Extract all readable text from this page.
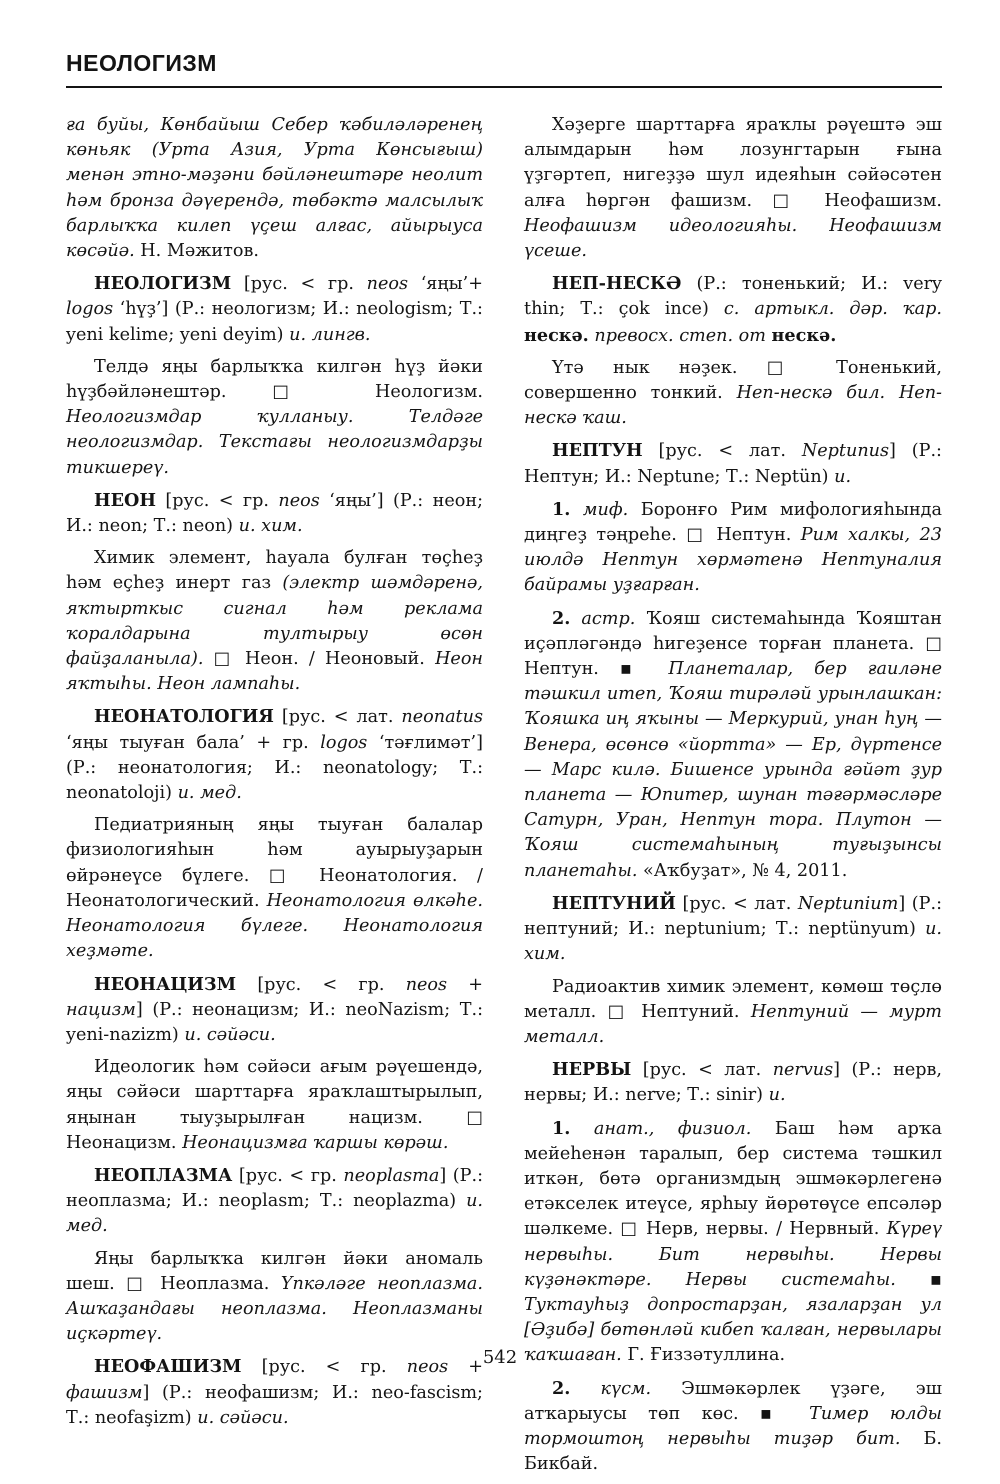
НЕОЛОГИЗМ

ға буйы, Көнбайыш Себер ҡәбиләләренең көньяк (Урта Азия, Урта Көнсығыш) менән этно-мәҙәни бәйләнештәре неолит һәм бронза дәүерендә, төбәктә малсылыҡ барлыҡҡа килеп үҫеш алғас, айырыуса көсәйә. Н. Мәжитов.

НЕОЛОГИЗМ [рус. < гр. neos ‘яңы’+ logos ‘һүҙ’] (Р.: неологизм; И.: neologism; Т.: yeni kelime; yeni deyim) и. лингв.

Телдә яңы барлыҡҡа килгән һүҙ йәки һүҙбәйләнештәр. □ Неологизм. Неологизмдар ҡулланыу. Телдәге неологизмдар. Текстағы неологизмдарҙы тикшереү.

НЕОН [рус. < гр. neos ‘яңы’] (Р.: неон; И.: neon; Т.: neon) и. хим.

Химик элемент, һауала булған төҫһеҙ һәм еҫһеҙ инерт газ (электр шәмдәренә, яҡтырткыс сигнал һәм реклама ҡоралдарына тултырыу өсөн файҙаланыла). □ Неон. / Неоновый. Неон яҡтыһы. Неон лампаһы.

НЕОНАТОЛОГИЯ [рус. < лат. neonatus ‘яңы тыуған бала’ + гр. logos ‘тәғлимәт’] (Р.: неонатология; И.: neonatology; Т.: neonatoloji) и. мед.

Педиатрияның яңы тыуған балалар физиологияһын һәм ауырыуҙарын өйрәнеүсе бүлеге. □ Неонатология. / Неонатологический. Неонатология өлкәһе. Неонатология бүлеге. Неонатология хеҙмәте.

НЕОНАЦИЗМ [рус. < гр. neos + нацизм] (Р.: неонацизм; И.: neoNazism; Т.: yeni-nazizm) и. сәйәси.

Идеологик һәм сәйәси ағым рәүешендә, яңы сәйәси шарттарға яраҡлаштырылып, яңынан тыуҙырылған нацизм. □ Неонацизм. Неонацизмға ҡаршы көрәш.

НЕОПЛАЗМА [рус. < гр. neoplasma] (Р.: неоплазма; И.: neoplasm; Т.: neoplazma) и. мед.

Яңы барлыҡҡа килгән йәки аномаль шеш. □ Неоплазма. Үпкәләге неоплазма. Ашҡаҙандағы неоплазма. Неоплазманы иҫкәртеү.

НЕОФАШИЗМ [рус. < гр. neos + фашизм] (Р.: неофашизм; И.: neo-fascism; Т.: neofaşizm) и. сәйәси.

Хәҙерге шарттарға яраҡлы рәүештә эш алымдарын һәм лозунгтарын ғына үҙгәртеп, нигеҙҙә шул идеяһын сәйәсәтен алға һөргән фашизм. □ Неофашизм. Неофашизм идеологияһы. Неофашизм үсеше.

НЕП-НЕСКӘ (Р.: тоненький; И.: very thin; Т.: çok ince) с. артыкл. дәр. ҡар. нескә. превосх. степ. от нескә.

Үтә нык нәҙек. □ Тоненький, совершенно тонкий. Неп-нескә бил. Неп-нескә ҡаш.

НЕПТУН [рус. < лат. Neptunus] (Р.: Нептун; И.: Neptune; Т.: Neptün) и.

1. миф. Боронғо Рим мифологияһында диңгеҙ тәңреһе. □ Нептун. Рим халкы, 23 июлдә Нептун хөрмәтенә Нептуналия байрамы уҙғарған.

2. астр. Ҡояш системаһында Ҡояштан иҫәпләгәндә һигеҙенсе торған планета. □ Нептун. ▪ Планеталар, бер ғаиләне тәшкил итеп, Ҡояш тирәләй урынлашкан: Ҡояшка иң яҡыны — Меркурий, унан һуң — Венера, өсөнсө «йортта» — Ер, дүртенсе — Марс килә. Бишенсе урында ғәйәт ҙур планета — Юпитер, шунан тәғәрмәсләре Сатурн, Уран, Нептун тора. Плутон — Ҡояш системаһының туғыҙынсы планетаһы. «Аҡбуҙат», № 4, 2011.

НЕПТУНИЙ [рус. < лат. Neptunium] (Р.: нептуний; И.: neptunium; Т.: neptünyum) и. хим.

Радиоактив химик элемент, көмөш төҫлө металл. □ Нептуний. Нептуний — мурт металл.

НЕРВЫ [рус. < лат. nervus] (Р.: нерв, нервы; И.: nerve; Т.: sinir) и.

1. анат., физиол. Баш һәм арҡа мейеһенән таралып, бер система тәшкил иткән, бөтә организмдың эшмәкәрлегенә етәкселек итеүсе, ярһыу йөрөтөүсе епсәләр шәлкеме. □ Нерв, нервы. / Нервный. Күреү нервыһы. Бит нервыһы. Нервы күҙәнәктәре. Нервы системаһы. ▪ Туктауһыҙ допростарҙан, язаларҙан ул [Әҙибә] бөтөнләй кибеп ҡалған, нервылары ҡаҡшаған. Г. Ғиззәтуллина.

2. күсм. Эшмәкәрлек үҙәге, эш атҡарыусы төп көс. ▪ Тимер юлды тормоштоң нервыһы тиҙәр бит. Б. Бикбай.

542
